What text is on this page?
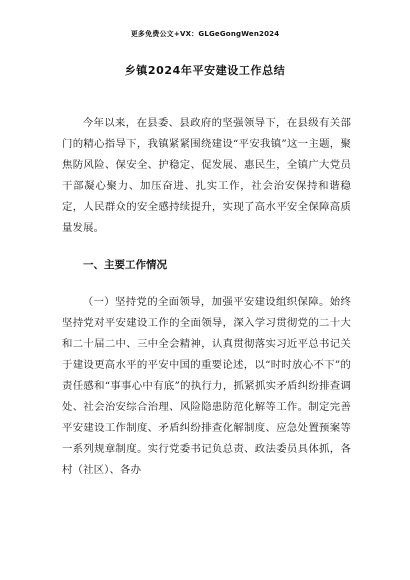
更多免费公文+VX：GLGeGongWen2024
乡镇2024年平安建设工作总结

今年以来，在县委、县政府的坚强领导下，在县级有关部门的精心指导下，我镇紧紧围绕建设“平安我镇”这一主题，聚焦防风险、保安全、护稳定、促发展、惠民生，全镇广大党员干部凝心聚力、加压奋进、扎实工作，社会治安保持和谐稳定，人民群众的安全感持续提升，实现了高水平安全保障高质量发展。

一、主要工作情况

（一）坚持党的全面领导，加强平安建设组织保障。始终坚持党对平安建设工作的全面领导，深入学习贯彻党的二十大和二十届二中、三中全会精神，认真贯彻落实习近平总书记关于建设更高水平的平安中国的重要论述，以“时时放心不下”的责任感和“事事心中有底”的执行力，抓紧抓实矛盾纠纷排查调处、社会治安综合治理、风险隐患防范化解等工作。制定完善平安建设工作制度、矛盾纠纷排查化解制度、应急处置预案等一系列规章制度。实行党委书记负总责、政法委员具体抓，各村（社区）、各办
